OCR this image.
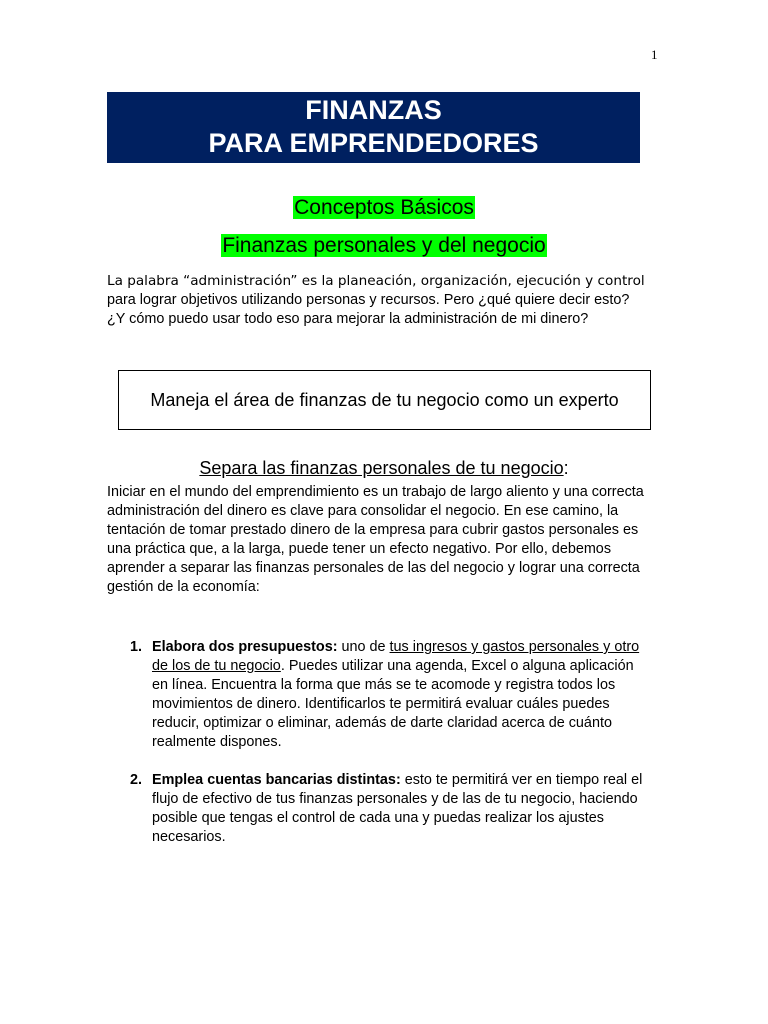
1
FINANZAS
PARA EMPRENDEDORES
Conceptos Básicos
Finanzas personales y del negocio
La palabra “administración” es la planeación, organización, ejecución y control para lograr objetivos utilizando personas y recursos. Pero ¿qué quiere decir esto? ¿Y cómo puedo usar todo eso para mejorar la administración de mi dinero?
Maneja el área de finanzas de tu negocio como un experto
Separa las finanzas personales de tu negocio:
Iniciar en el mundo del emprendimiento es un trabajo de largo aliento y una correcta administración del dinero es clave para consolidar el negocio. En ese camino, la tentación de tomar prestado dinero de la empresa para cubrir gastos personales es una práctica que, a la larga, puede tener un efecto negativo. Por ello, debemos aprender a separar las finanzas personales de las del negocio y lograr una correcta gestión de la economía:
1. Elabora dos presupuestos: uno de tus ingresos y gastos personales y otro de los de tu negocio. Puedes utilizar una agenda, Excel o alguna aplicación en línea. Encuentra la forma que más se te acomode y registra todos los movimientos de dinero. Identificarlos te permitirá evaluar cuáles puedes reducir, optimizar o eliminar, además de darte claridad acerca de cuánto realmente dispones.
2. Emplea cuentas bancarias distintas: esto te permitirá ver en tiempo real el flujo de efectivo de tus finanzas personales y de las de tu negocio, haciendo posible que tengas el control de cada una y puedas realizar los ajustes necesarios.
